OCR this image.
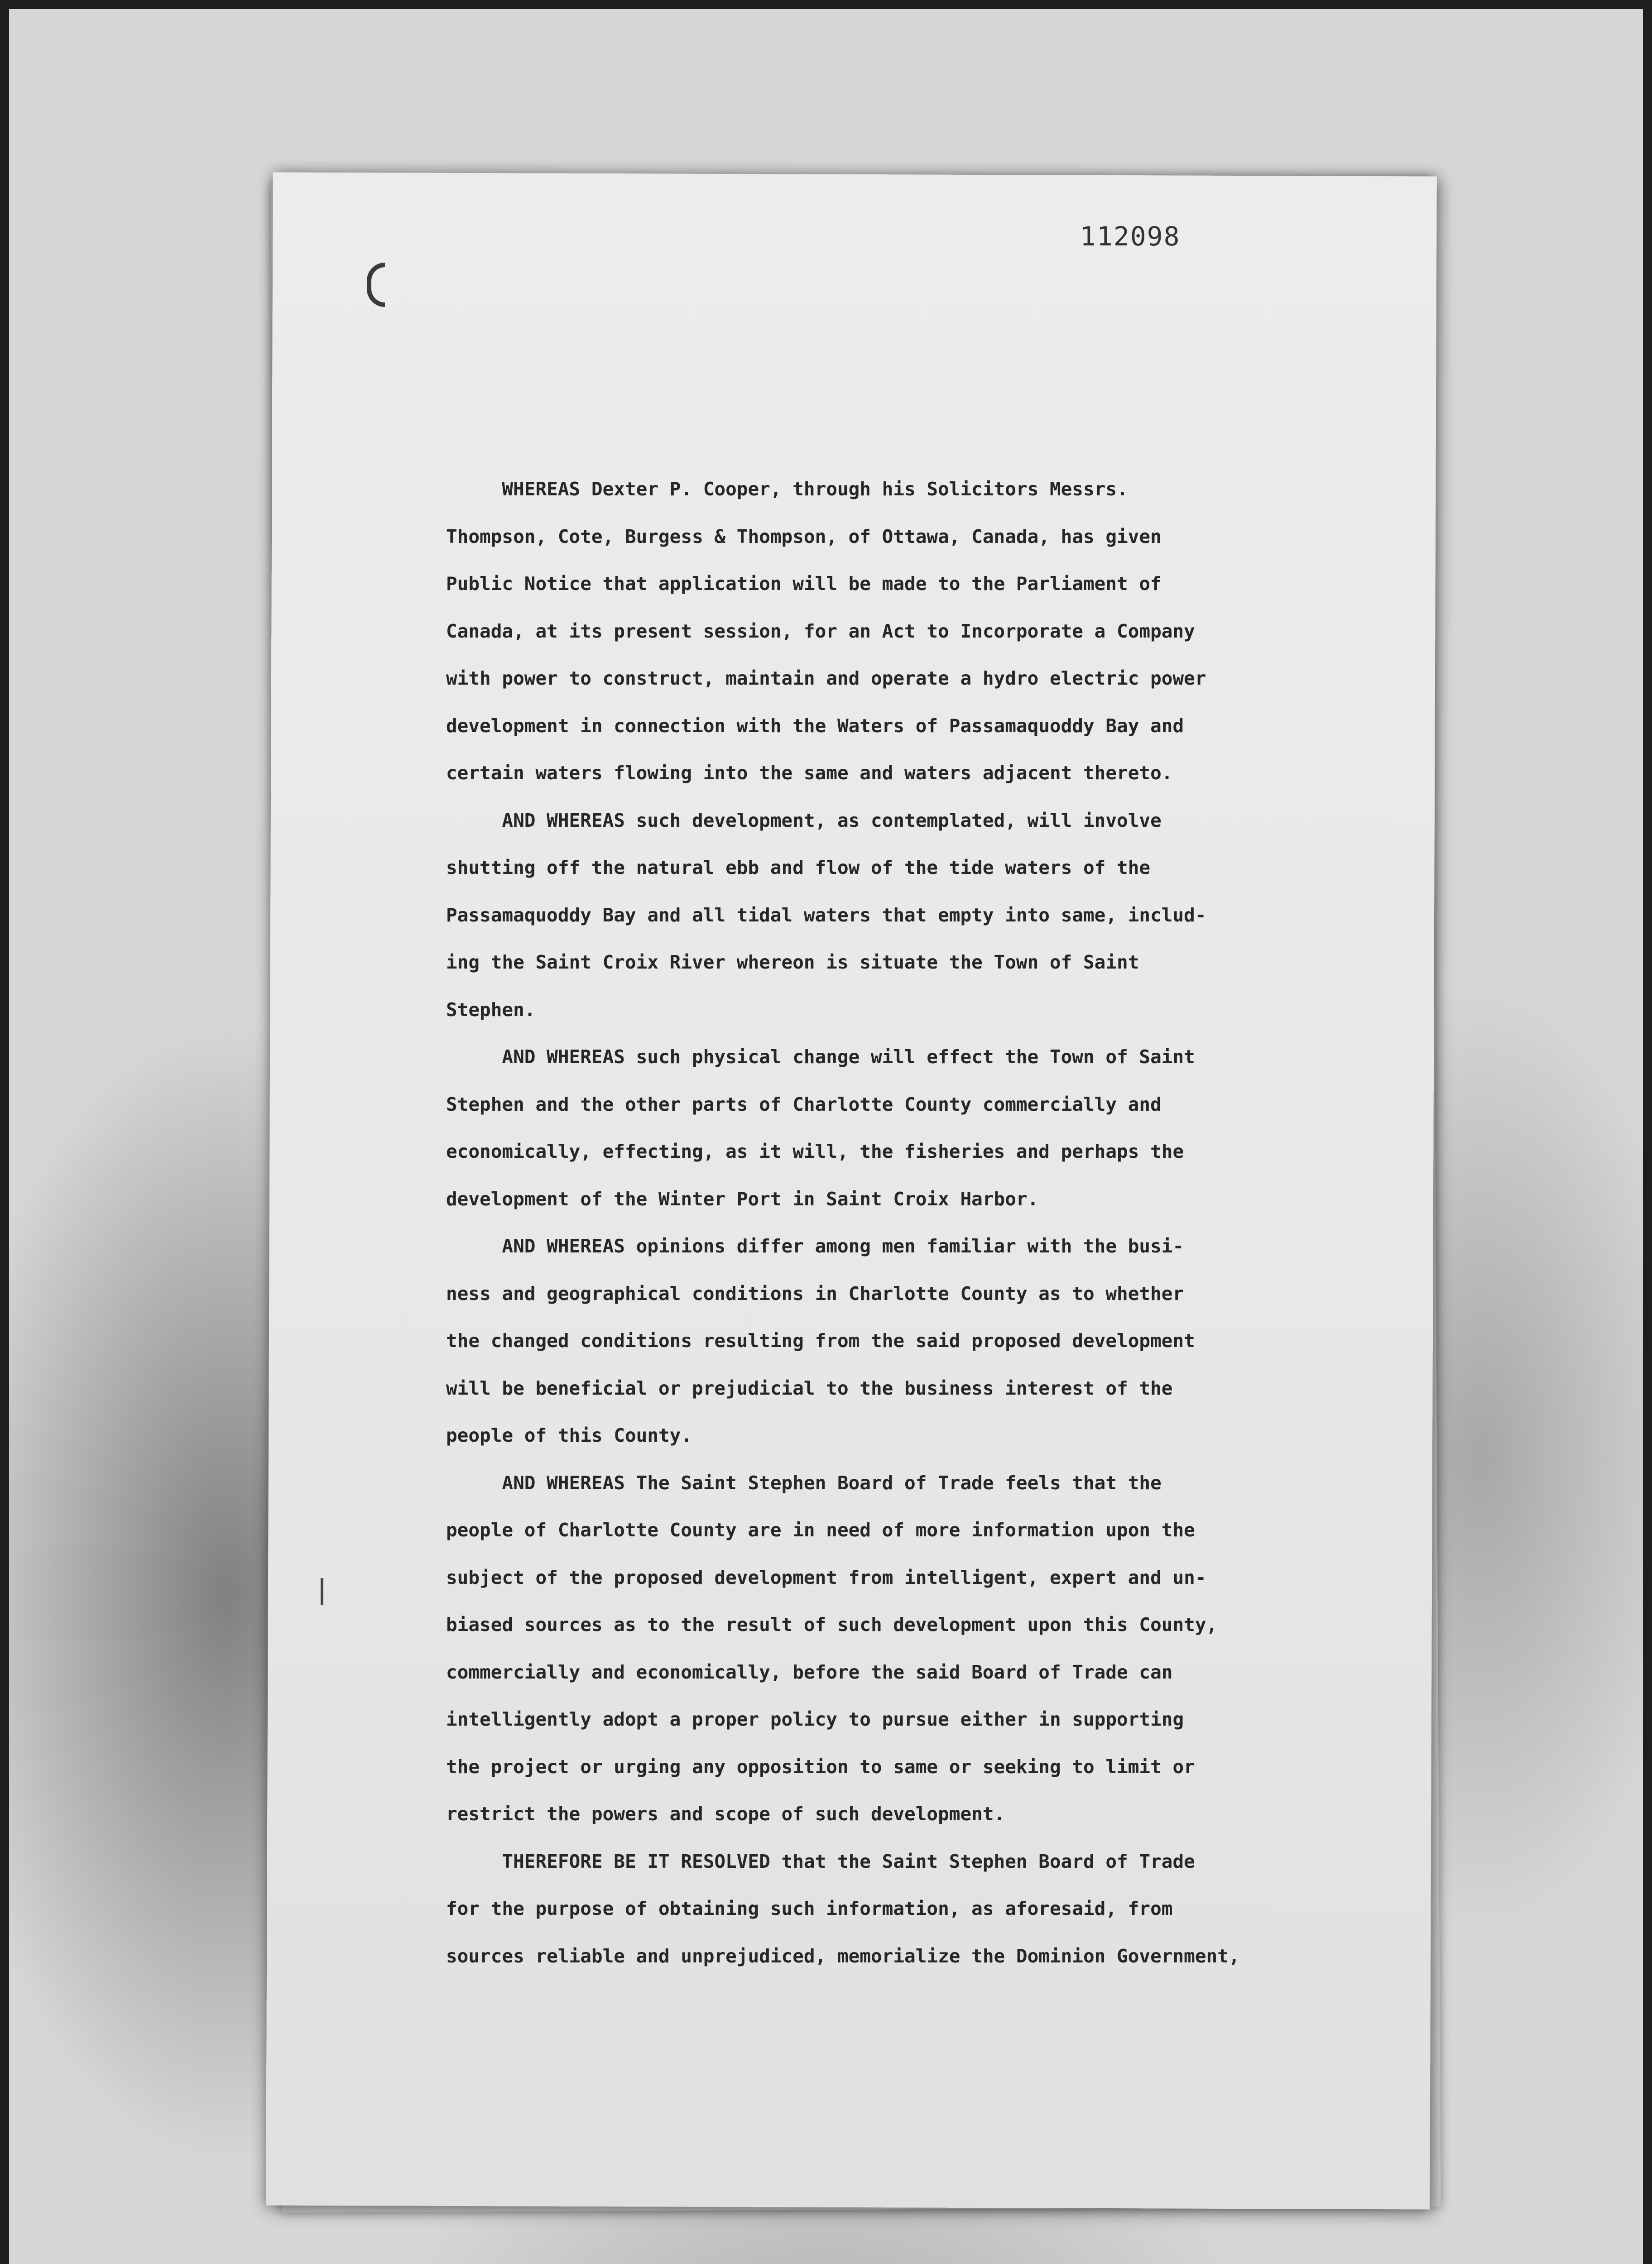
112098
WHEREAS Dexter P. Cooper, through his Solicitors Messrs.
Thompson, Cote, Burgess & Thompson, of Ottawa, Canada, has given
Public Notice that application will be made to the Parliament of
Canada, at its present session, for an Act to Incorporate a Company
with power to construct, maintain and operate a hydro electric power
development in connection with the Waters of Passamaquoddy Bay and
certain waters flowing into the same and waters adjacent thereto.
AND WHEREAS such development, as contemplated, will involve
shutting off the natural ebb and flow of the tide waters of the
Passamaquoddy Bay and all tidal waters that empty into same, includ-
ing the Saint Croix River whereon is situate the Town of Saint
Stephen.
AND WHEREAS such physical change will effect the Town of Saint
Stephen and the other parts of Charlotte County commercially and
economically, effecting, as it will, the fisheries and perhaps the
development of the Winter Port in Saint Croix Harbor.
AND WHEREAS opinions differ among men familiar with the busi-
ness and geographical conditions in Charlotte County as to whether
the changed conditions resulting from the said proposed development
will be beneficial or prejudicial to the business interest of the
people of this County.
AND WHEREAS The Saint Stephen Board of Trade feels that the
people of Charlotte County are in need of more information upon the
subject of the proposed development from intelligent, expert and un-
biased sources as to the result of such development upon this County,
commercially and economically, before the said Board of Trade can
intelligently adopt a proper policy to pursue either in supporting
the project or urging any opposition to same or seeking to limit or
restrict the powers and scope of such development.
THEREFORE BE IT RESOLVED that the Saint Stephen Board of Trade
for the purpose of obtaining such information, as aforesaid, from
sources reliable and unprejudiced, memorialize the Dominion Government,
